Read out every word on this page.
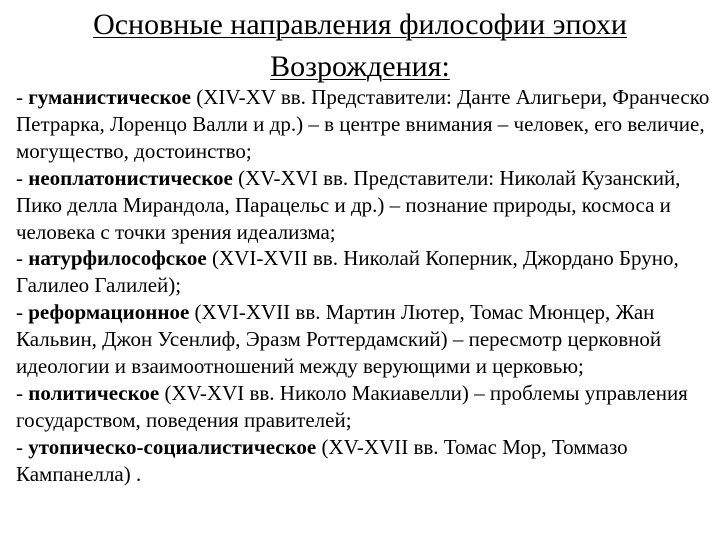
Основные направления философии эпохи
Возрождения:

- гуманистическое (XIV-XV вв. Представители: Данте Алигьери, Франческо Петрарка, Лоренцо Валли и др.) – в центре внимания – человек, его величие, могущество, достоинство;

- неоплатонистическое (XV-XVI вв. Представители: Николай Кузанский, Пико делла Мирандола, Парацельс и др.) – познание природы, космоса и человека с точки зрения идеализма;

- натурфилософское (XVI-XVII вв. Николай Коперник, Джордано Бруно, Галилео Галилей);

- реформационное (XVI-XVII вв. Мартин Лютер, Томас Мюнцер, Жан Кальвин, Джон Усенлиф, Эразм Роттердамский) – пересмотр церковной идеологии и взаимоотношений между верующими и церковью;

- политическое (XV-XVI вв. Николо Макиавелли) – проблемы управления государством, поведения правителей;

- утопическо-социалистическое (XV-XVII вв. Томас Мор, Томмазо Кампанелла) .
